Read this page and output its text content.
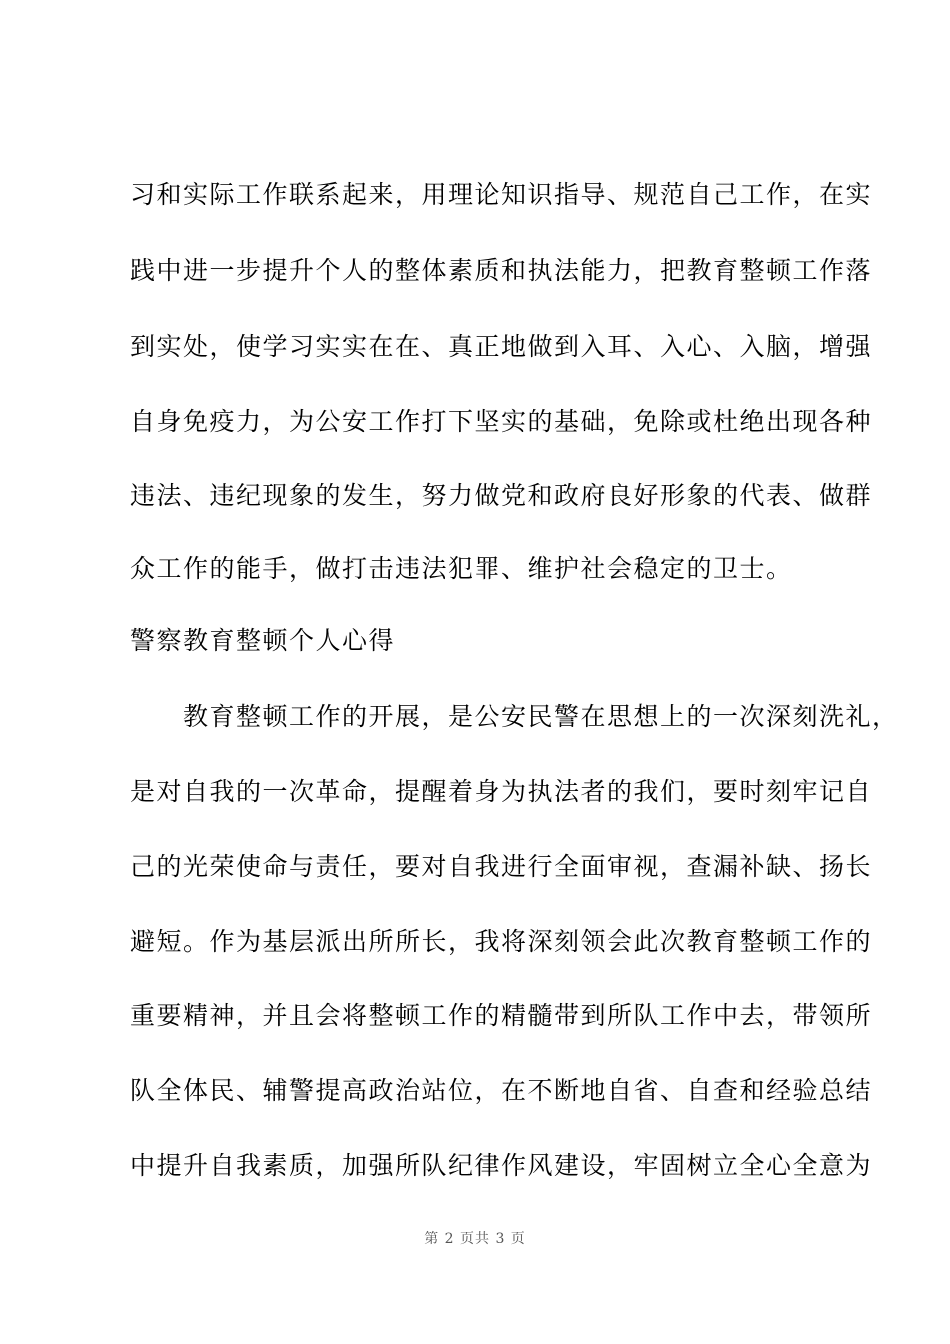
习和实际工作联系起来，用理论知识指导、规范自己工作，在实
践中进一步提升个人的整体素质和执法能力，把教育整顿工作落
到实处，使学习实实在在、真正地做到入耳、入心、入脑，增强
自身免疫力，为公安工作打下坚实的基础，免除或杜绝出现各种
违法、违纪现象的发生，努力做党和政府良好形象的代表、做群
众工作的能手，做打击违法犯罪、维护社会稳定的卫士。
警察教育整顿个人心得
　　教育整顿工作的开展，是公安民警在思想上的一次深刻洗礼，
是对自我的一次革命，提醒着身为执法者的我们，要时刻牢记自
己的光荣使命与责任，要对自我进行全面审视，查漏补缺、扬长
避短。作为基层派出所所长，我将深刻领会此次教育整顿工作的
重要精神，并且会将整顿工作的精髓带到所队工作中去，带领所
队全体民、辅警提高政治站位，在不断地自省、自查和经验总结
中提升自我素质，加强所队纪律作风建设，牢固树立全心全意为
第 2 页共 3 页
